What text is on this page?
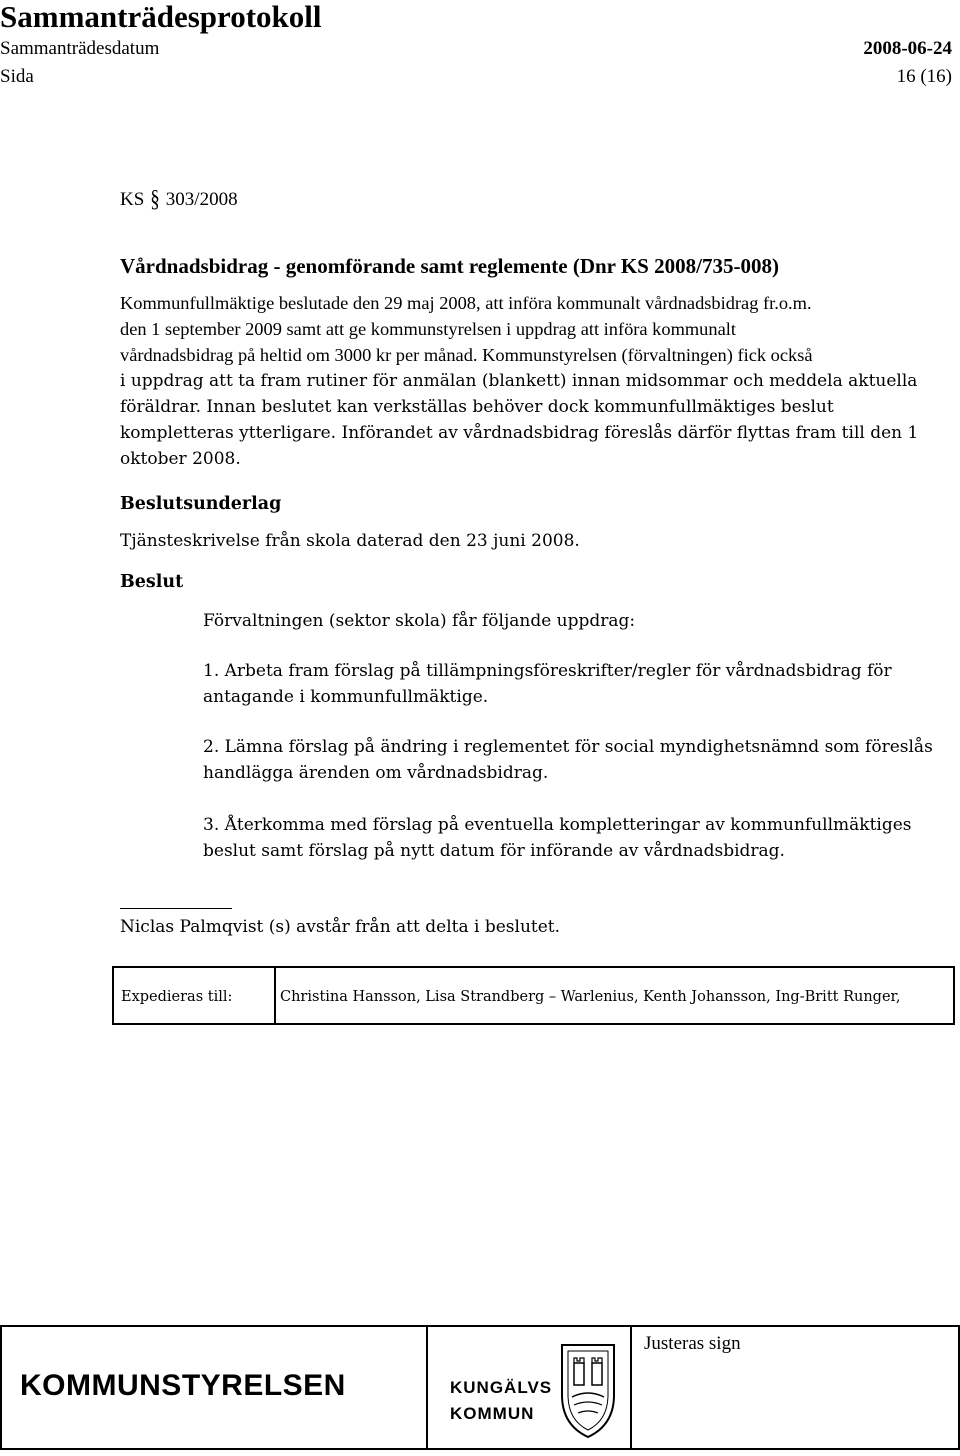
Sammanträdesprotokoll
Sammanträdesdatum	2008-06-24
Sida	16 (16)
KS § 303/2008
Vårdnadsbidrag - genomförande samt reglemente (Dnr KS 2008/735-008)
Kommunfullmäktige beslutade den 29 maj 2008, att införa kommunalt vårdnadsbidrag fr.o.m.
den 1 september 2009 samt att ge kommunstyrelsen i uppdrag att införa kommunalt
vårdnadsbidrag på heltid om 3000 kr per månad. Kommunstyrelsen (förvaltningen) fick också
i uppdrag att ta fram rutiner för anmälan (blankett) innan midsommar och meddela aktuella
föräldrar. Innan beslutet kan verkställas behöver dock kommunfullmäktiges beslut
kompletteras ytterligare. Införandet av vårdnadsbidrag föreslås därför flyttas fram till den 1
oktober 2008.
Beslutsunderlag
Tjänsteskrivelse från skola daterad den 23 juni 2008.
Beslut
Förvaltningen (sektor skola) får följande uppdrag:
1. Arbeta fram förslag på tillämpningsföreskrifter/regler för vårdnadsbidrag för
antagande i kommunfullmäktige.
2. Lämna förslag på ändring i reglementet för social myndighetsnämnd som föreslås
handlägga ärenden om vårdnadsbidrag.
3. Återkomma med förslag på eventuella kompletteringar av kommunfullmäktiges
beslut samt förslag på nytt datum för införande av vårdnadsbidrag.
Niclas Palmqvist (s) avstår från att delta i beslutet.
Expedieras till:	Christina Hansson, Lisa Strandberg – Warlenius, Kenth Johansson, Ing-Britt Runger,
KOMMUNSTYRELSEN	KUNGÄLVS
KOMMUN
Justeras sign
